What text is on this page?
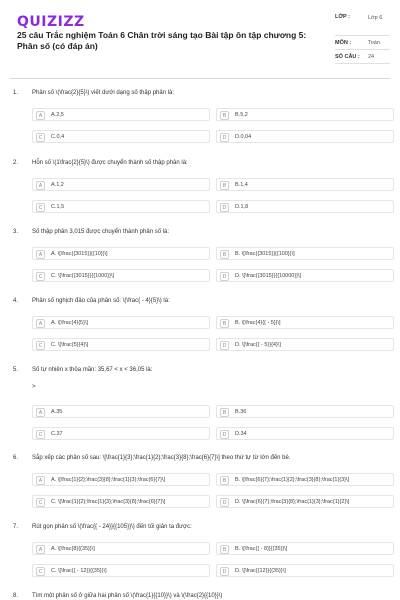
QUIZIZZ
25 câu Trắc nghiệm Toán 6 Chân trời sáng tạo Bài tập ôn tập chương 5: Phân số (có đáp án)
LỚP :	Lớp 6
MÔN :	Toán
SỐ CÂU : 24
1. Phân số \(\frac{2}{5}\) viết dưới dạng số thập phân là:
A	A.2,5	B	B.5,2
C	C.0,4	D	D.0,04
2. Hỗn số \(1\frac{2}{5}\) được chuyển thành số thập phân là:
A	A.1,2	B	B.1,4
C	C.1,5	D	D.1,8
3. Số thập phân 3,015 được chuyển thành phân số là:
A	A. \[\frac{{3015}}{{10}}\]	B	B. \[\frac{{3015}}{{100}}\]
C	C. \[\frac{{3015}}{{1000}}\]	D	D. \[\frac{{3015}}{{10000}}\]
4. Phân số nghịch đảo của phân số: \(\frac{ - 4}{5}\) là:
A	A. \[\frac{4}{5}\]	B	B. \[\frac{4}{{ - 5}}\]
C	C. \[\frac{5}{4}\]	D	D. \[\frac{{ - 5}}{4}\]
5. Số tự nhiên x thỏa mãn: 35,67 < x < 36,05 là:
>
A	A.35	B	B.36
C	C.37	D	D.34
6. Sắp xếp các phân số sau: \[\frac{1}{3};\frac{1}{2};\frac{3}{8};\frac{6}{7}\] theo thứ tự từ lớn đến bé.
A	A. \[\frac{1}{2};\frac{3}{8};\frac{1}{3};\frac{6}{7}\]	B	B. \[\frac{6}{7};\frac{1}{2};\frac{3}{8};\frac{1}{3}\]
C	C. \[\frac{1}{2};\frac{1}{3};\frac{3}{8};\frac{6}{7}\]	D	D. \[\frac{6}{7};\frac{3}{8};\frac{1}{3};\frac{1}{2}\]
7. Rút gọn phân số \(\frac{{ - 24}}{{105}}\) đến tối giản ta được:
A	A. \[\frac{8}{{35}}\]	B	B. \[\frac{{ - 8}}{{35}}\]
C	C. \[\frac{{ - 12}}{{35}}\]	D	D. \[\frac{{12}}{{35}}\]
8. Tìm một phân số ở giữa hai phân số \(\frac{1}{{10}}\) và \(\frac{2}{{10}}\)
